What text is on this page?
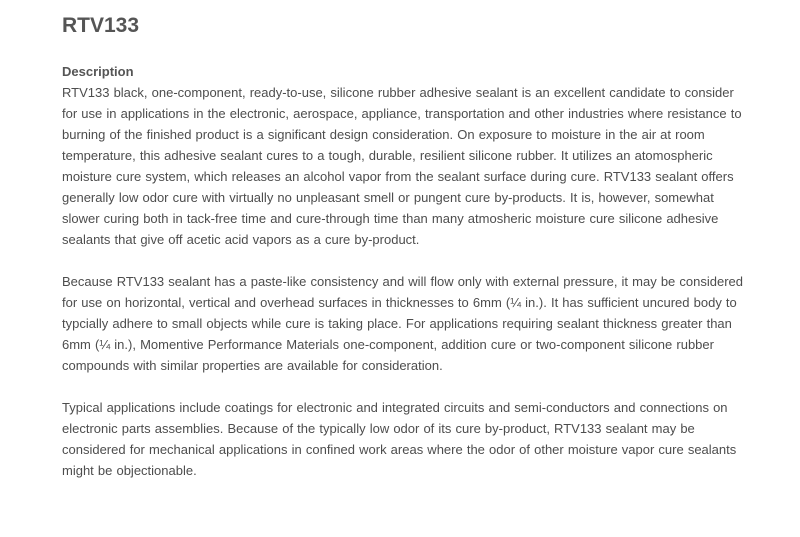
RTV133
Description

RTV133 black, one-component, ready-to-use, silicone rubber adhesive sealant is an excellent candidate to consider for use in applications in the electronic, aerospace, appliance, transportation and other industries where resistance to burning of the finished product is a significant design consideration. On exposure to moisture in the air at room temperature, this adhesive sealant cures to a tough, durable, resilient silicone rubber. It utilizes an atomospheric moisture cure system, which releases an alcohol vapor from the sealant surface during cure. RTV133 sealant offers generally low odor cure with virtually no unpleasant smell or pungent cure by-products. It is, however, somewhat slower curing both in tack-free time and cure-through time than many atmosheric moisture cure silicone adhesive sealants that give off acetic acid vapors as a cure by-product.

Because RTV133 sealant has a paste-like consistency and will flow only with external pressure, it may be considered for use on horizontal, vertical and overhead surfaces in thicknesses to 6mm (¼ in.). It has sufficient uncured body to typcially adhere to small objects while cure is taking place. For applications requiring sealant thickness greater than 6mm (¼ in.), Momentive Performance Materials one-component, addition cure or two-component silicone rubber compounds with similar properties are available for consideration.

Typical applications include coatings for electronic and integrated circuits and semi-conductors and connections on electronic parts assemblies. Because of the typically low odor of its cure by-product, RTV133 sealant may be considered for mechanical applications in confined work areas where the odor of other moisture vapor cure sealants might be objectionable.
